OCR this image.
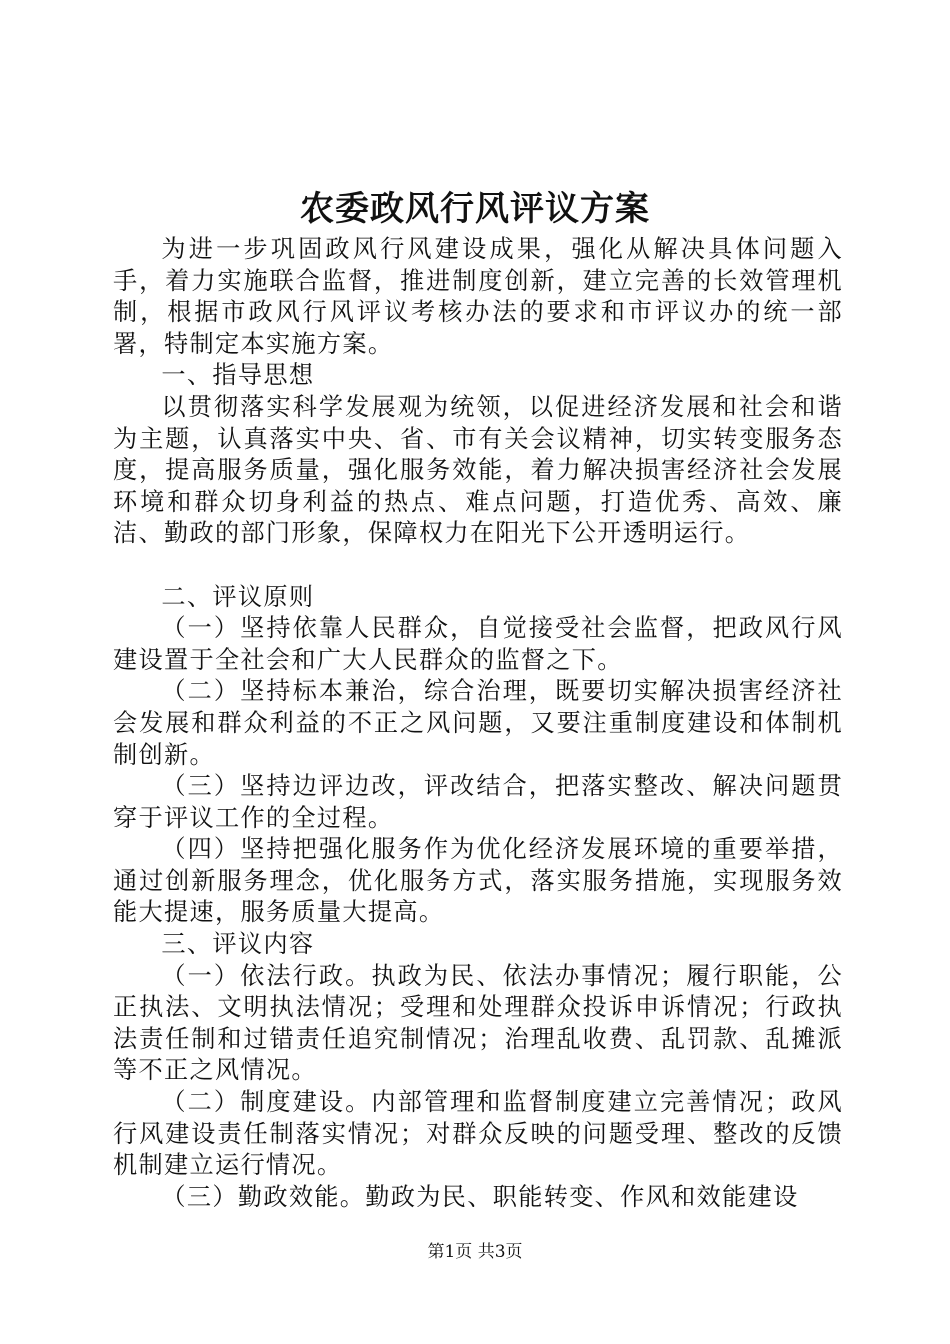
农委政风行风评议方案

为进一步巩固政风行风建设成果，强化从解决具体问题入手，着力实施联合监督，推进制度创新，建立完善的长效管理机制，根据市政风行风评议考核办法的要求和市评议办的统一部署，特制定本实施方案。

一、指导思想

以贯彻落实科学发展观为统领，以促进经济发展和社会和谐为主题，认真落实中央、省、市有关会议精神，切实转变服务态度，提高服务质量，强化服务效能，着力解决损害经济社会发展环境和群众切身利益的热点、难点问题，打造优秀、高效、廉洁、勤政的部门形象，保障权力在阳光下公开透明运行。

二、评议原则

（一）坚持依靠人民群众，自觉接受社会监督，把政风行风建设置于全社会和广大人民群众的监督之下。

（二）坚持标本兼治，综合治理，既要切实解决损害经济社会发展和群众利益的不正之风问题，又要注重制度建设和体制机制创新。

（三）坚持边评边改，评改结合，把落实整改、解决问题贯穿于评议工作的全过程。

（四）坚持把强化服务作为优化经济发展环境的重要举措，通过创新服务理念，优化服务方式，落实服务措施，实现服务效能大提速，服务质量大提高。

三、评议内容

（一）依法行政。执政为民、依法办事情况；履行职能，公正执法、文明执法情况；受理和处理群众投诉申诉情况；行政执法责任制和过错责任追究制情况；治理乱收费、乱罚款、乱摊派等不正之风情况。

（二）制度建设。内部管理和监督制度建立完善情况；政风行风建设责任制落实情况；对群众反映的问题受理、整改的反馈机制建立运行情况。

（三）勤政效能。勤政为民、职能转变、作风和效能建设

第1页 共3页
